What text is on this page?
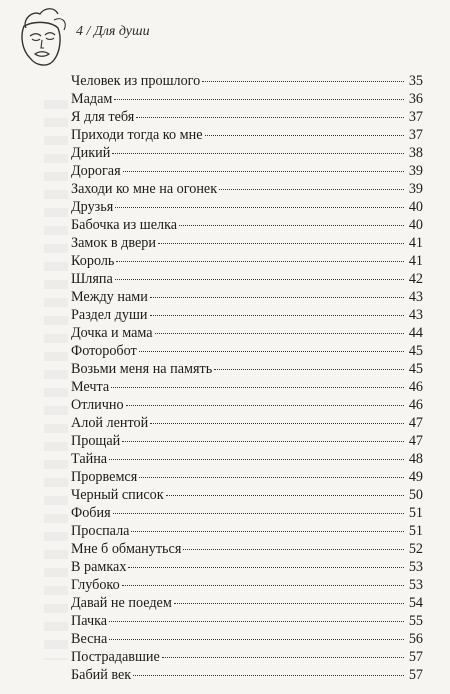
4 / Для души
Человек из прошлого	35
Мадам	36
Я для тебя	37
Приходи тогда ко мне	37
Дикий	38
Дорогая	39
Заходи ко мне на огонек	39
Друзья	40
Бабочка из шелка	40
Замок в двери	41
Король	41
Шляпа	42
Между нами	43
Раздел души	43
Дочка и мама	44
Фоторобот	45
Возьми меня на память	45
Мечта	46
Отлично	46
Алой лентой	47
Прощай	47
Тайна	48
Прорвемся	49
Черный список	50
Фобия	51
Проспала	51
Мне б обмануться	52
В рамках	53
Глубоко	53
Давай не поедем	54
Пачка	55
Весна	56
Пострадавшие	57
Бабий век	57
